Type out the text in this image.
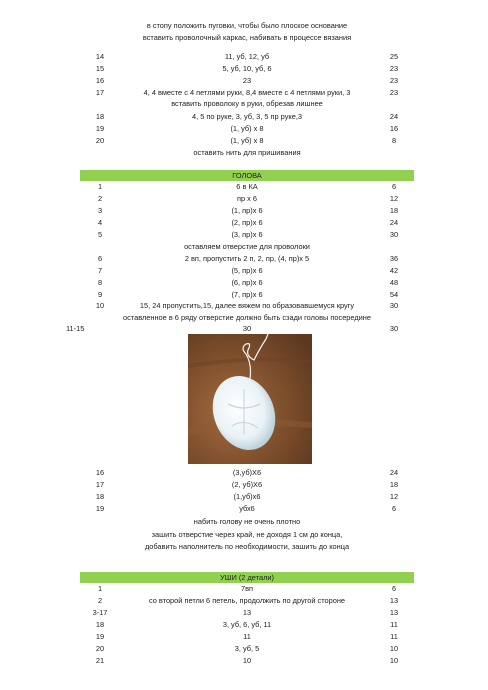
в стопу положить пуговки, чтобы было плоское основание
вставить проволочный каркас, набивать в процессе вязания
14	11, уб, 12, уб	25
15	5, уб, 10, уб, 6	23
16	23	23
17	4, 4 вместе с 4 петлями руки, 8,4 вместе с 4 петлями руки, 3	23
вставить проволоку в руки, обрезав лишнее
18	4, 5 по руке, 3, уб, 3, 5 пр руке,3	24
19	(1, уб) х 8	16
20	(1, уб) х 8	8
оставить нить для пришивания
ГОЛОВА
1	6 в КА	6
2	пр х 6	12
3	(1, пр)х 6	18
4	(2, пр)х 6	24
5	(3, пр)х 6	30
оставляем отверстие для проволоки
6	2 вп, пропустить 2 п, 2, пр, (4, пр)х 5	36
7	(5, пр)х 6	42
8	(6, пр)х 6	48
9	(7, пр)х 6	54
10	15, 24 пропустить,15, далее вяжем по образовавшемуся кругу	30
оставленное в 6 ряду отверстие должно быть сзади головы посередине
11-15	30	30
16	(3,уб)Х6	24
17	(2, уб)Х6	18
18	(1,уб)х6	12
19	убх6	6
набить голову не очень плотно
зашить отверстие через край, не доходя 1 см до конца,
добавить наполнитель по необходимости, зашить до конца
УШИ (2 детали)
1	7вп	6
2	со второй петли 6 петель, продолжить по другой стороне	13
3-17	13	13
18	3, уб, 6, уб, 11	11
19	11	11
20	3, уб, 5	10
21	10	10
